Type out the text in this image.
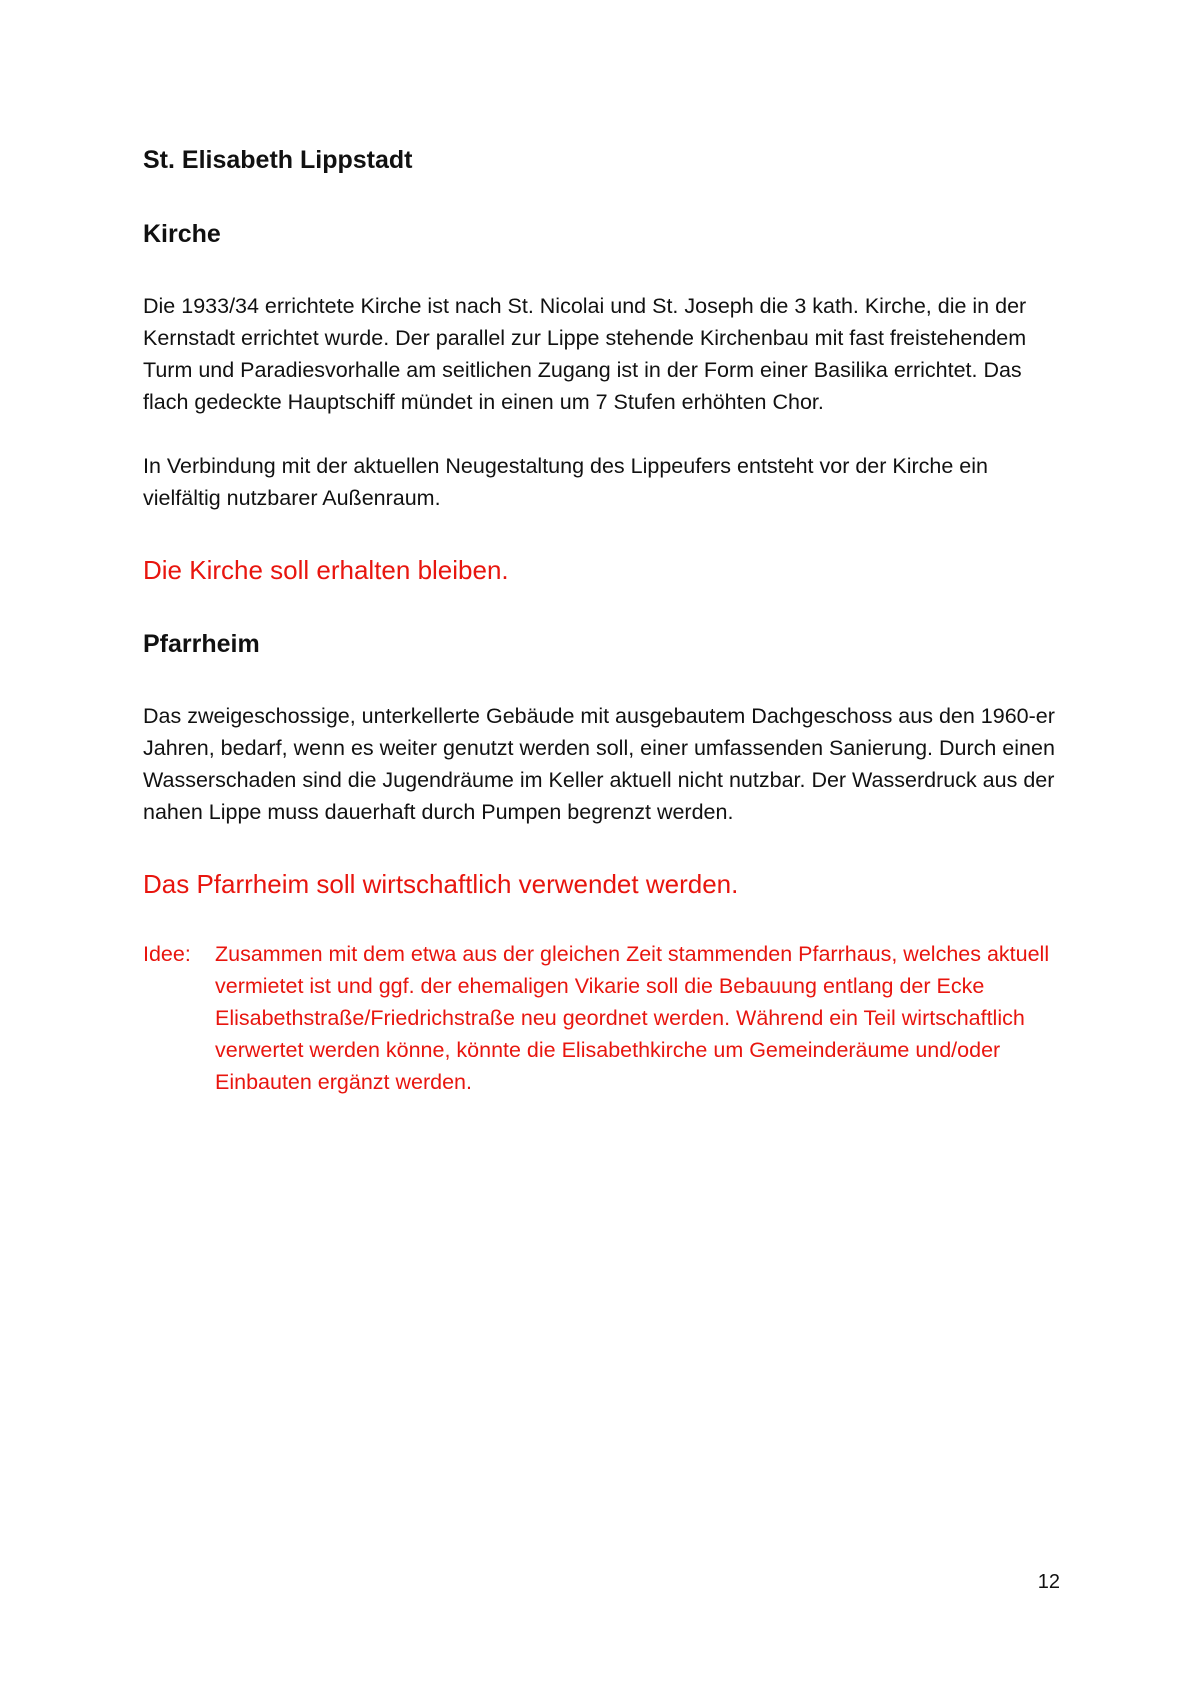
St. Elisabeth Lippstadt
Kirche
Die 1933/34 errichtete Kirche ist nach St. Nicolai und St. Joseph die 3 kath. Kirche, die in der Kernstadt errichtet wurde. Der parallel zur Lippe stehende Kirchenbau mit fast freistehendem Turm und Paradiesvorhalle am seitlichen Zugang ist in der Form einer Basilika errichtet. Das flach gedeckte Hauptschiff mündet in einen um 7 Stufen erhöhten Chor.
In Verbindung mit der aktuellen Neugestaltung des Lippeufers entsteht vor der Kirche ein vielfältig nutzbarer Außenraum.
Die Kirche soll erhalten bleiben.
Pfarrheim
Das zweigeschossige, unterkellerte Gebäude mit ausgebautem Dachgeschoss aus den 1960-er Jahren, bedarf, wenn es weiter genutzt werden soll, einer umfassenden Sanierung. Durch einen Wasserschaden sind die Jugendräume im Keller aktuell nicht nutzbar. Der Wasserdruck aus der nahen Lippe muss dauerhaft durch Pumpen begrenzt werden.
Das Pfarrheim soll wirtschaftlich verwendet werden.
Idee:	Zusammen mit dem etwa aus der gleichen Zeit stammenden Pfarrhaus, welches aktuell vermietet ist und ggf. der ehemaligen Vikarie soll die Bebauung entlang der Ecke Elisabethstraße/Friedrichstraße neu geordnet werden. Während ein Teil wirtschaftlich verwertet werden könne, könnte die Elisabethkirche um Gemeinderäume und/oder Einbauten ergänzt werden.
12
